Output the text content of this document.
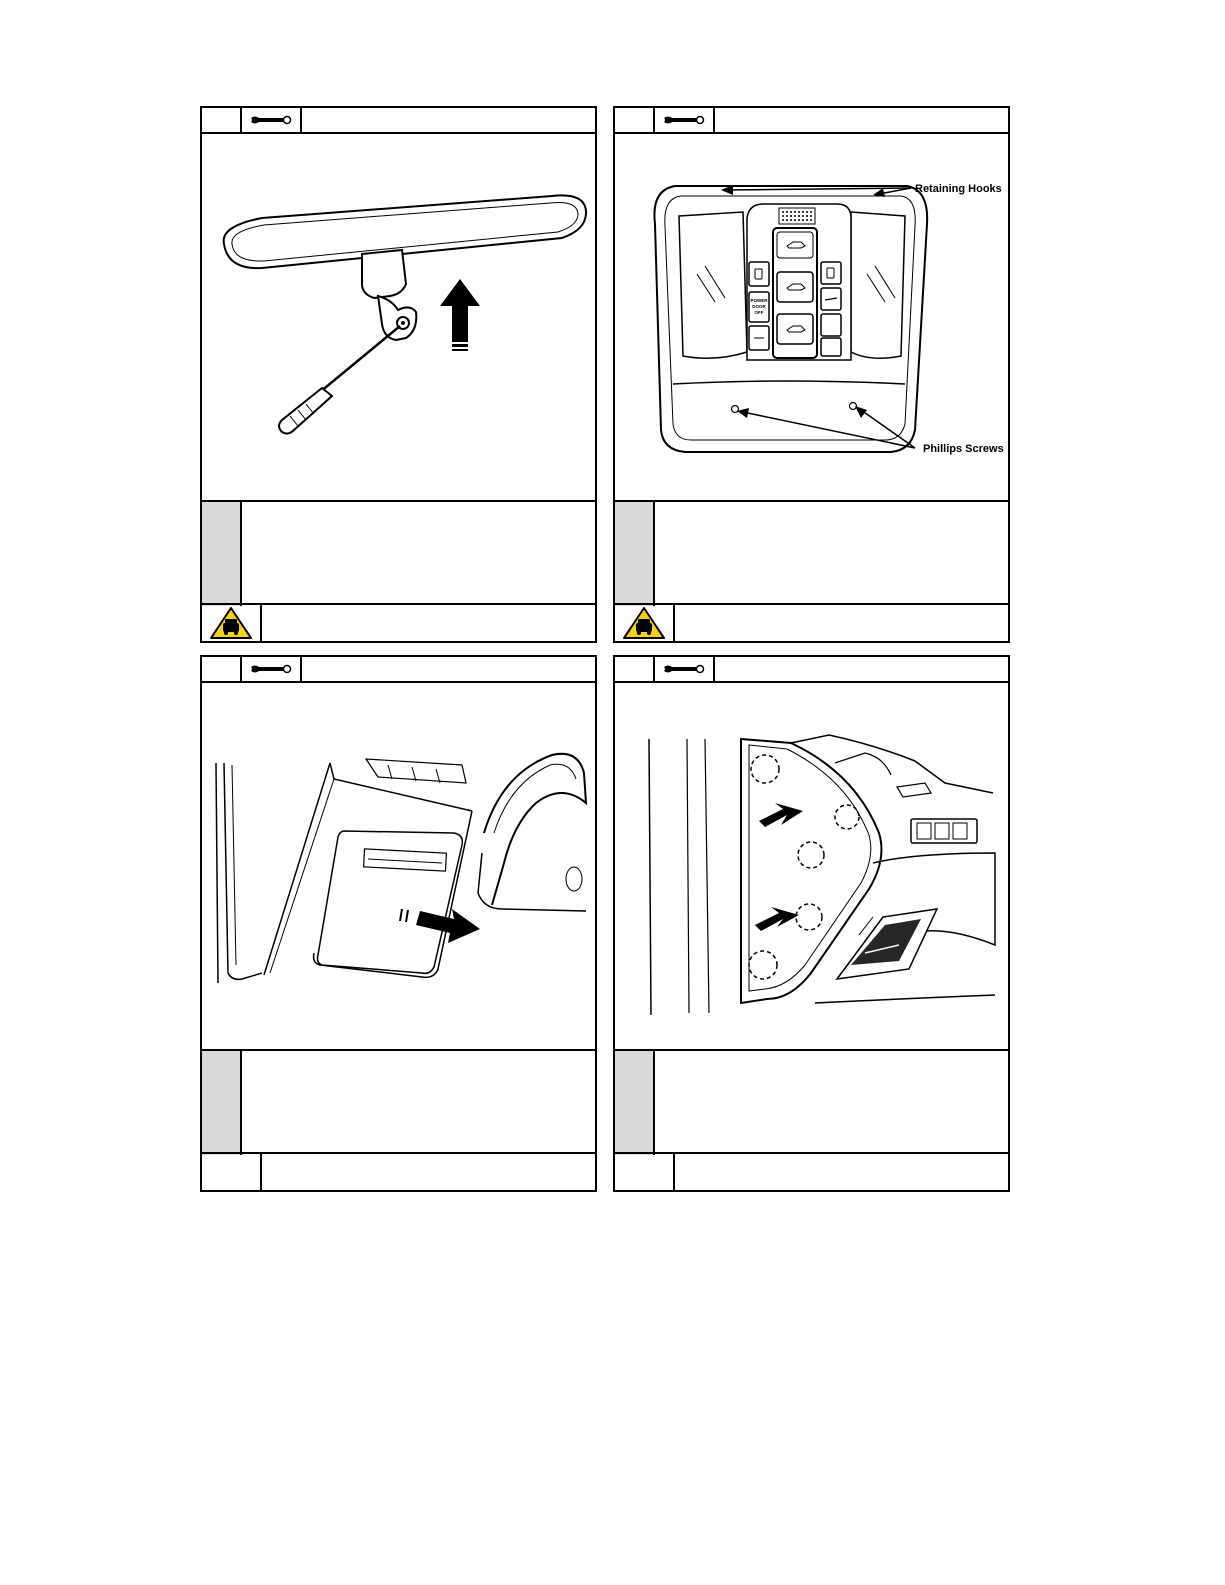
POWER
DOOR
OFF
Retaining Hooks
Phillips Screws
